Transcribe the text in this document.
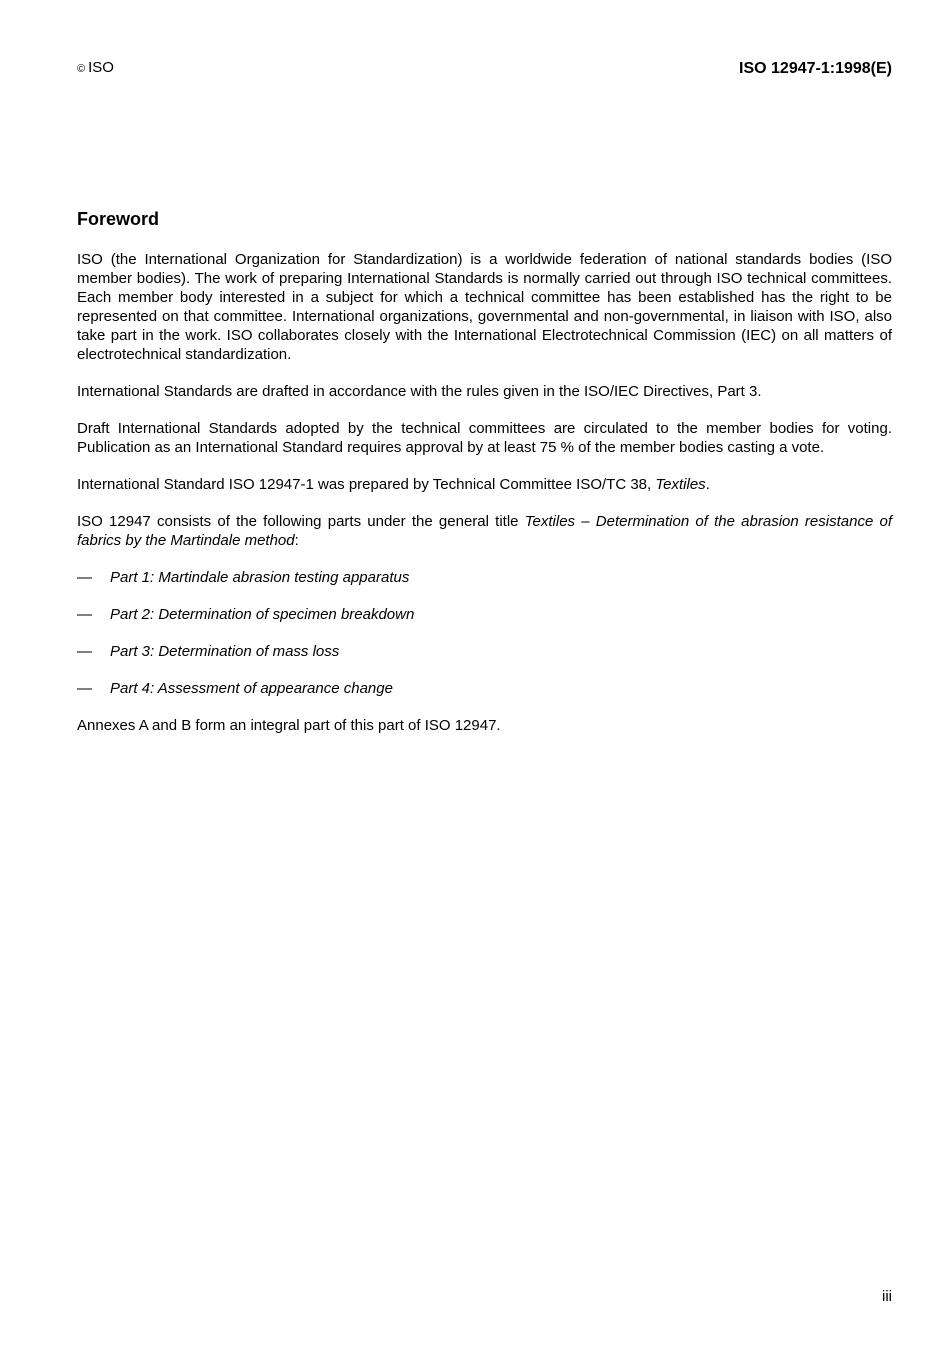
© ISO	ISO 12947-1:1998(E)
Foreword

ISO (the International Organization for Standardization) is a worldwide federation of national standards bodies (ISO member bodies). The work of preparing International Standards is normally carried out through ISO technical committees. Each member body interested in a subject for which a technical committee has been established has the right to be represented on that committee. International organizations, governmental and non-governmental, in liaison with ISO, also take part in the work. ISO collaborates closely with the International Electrotechnical Commission (IEC) on all matters of electrotechnical standardization.

International Standards are drafted in accordance with the rules given in the ISO/IEC Directives, Part 3.

Draft International Standards adopted by the technical committees are circulated to the member bodies for voting. Publication as an International Standard requires approval by at least 75 % of the member bodies casting a vote.

International Standard ISO 12947-1 was prepared by Technical Committee ISO/TC 38, Textiles.

ISO 12947 consists of the following parts under the general title Textiles – Determination of the abrasion resistance of fabrics by the Martindale method:

—	Part 1: Martindale abrasion testing apparatus
—	Part 2: Determination of specimen breakdown
—	Part 3: Determination of mass loss
—	Part 4: Assessment of appearance change

Annexes A and B form an integral part of this part of ISO 12947.

iii
